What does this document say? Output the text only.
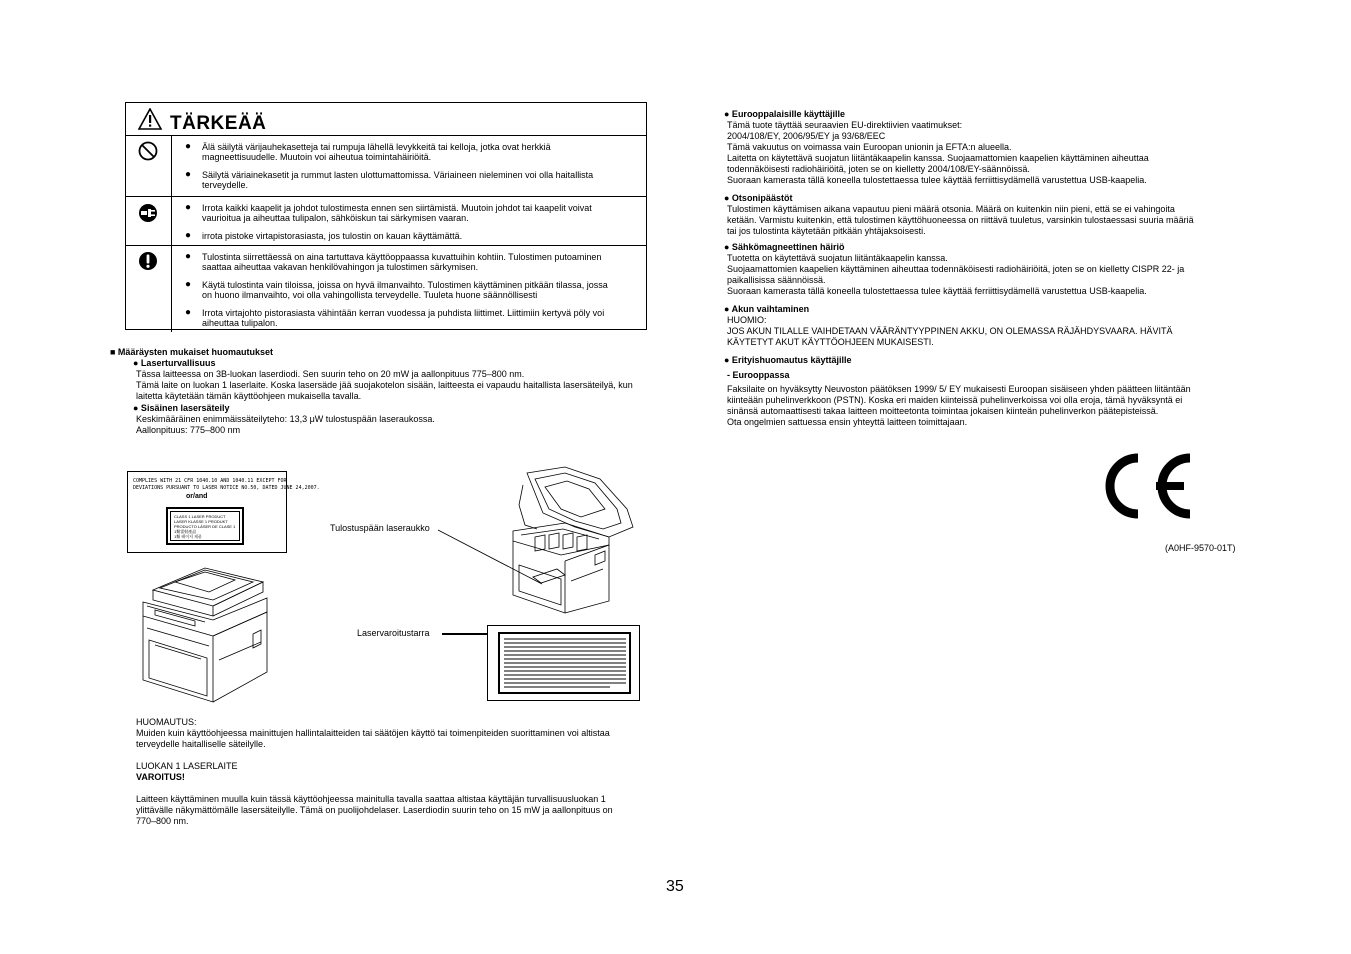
TÄRKEÄÄ
● Älä säilytä värijauhekasetteja tai rumpuja lähellä levykkeitä tai kelloja, jotka ovat herkkiä
magneettisuudelle. Muutoin voi aiheutua toimintahäiriöitä.
● Säilytä väriainekasetit ja rummut lasten ulottumattomissa. Väriaineen nieleminen voi olla haitallista
terveydelle.
● Irrota kaikki kaapelit ja johdot tulostimesta ennen sen siirtämistä. Muutoin johdot tai kaapelit voivat
vaurioitua ja aiheuttaa tulipalon, sähköiskun tai särkymisen vaaran.
● irrota pistoke virtapistorasiasta, jos tulostin on kauan käyttämättä.
● Tulostinta siirrettäessä on aina tartuttava käyttöoppaassa kuvattuihin kohtiin. Tulostimen putoaminen
saattaa aiheuttaa vakavan henkilövahingon ja tulostimen särkymisen.
● Käytä tulostinta vain tiloissa, joissa on hyvä ilmanvaihto. Tulostimen käyttäminen pitkään tilassa, jossa
on huono ilmanvaihto, voi olla vahingollista terveydelle. Tuuleta huone säännöllisesti
● Irrota virtajohto pistorasiasta vähintään kerran vuodessa ja puhdista liittimet. Liittimiin kertyvä pöly voi
aiheuttaa tulipalon.
■ Määräysten mukaiset huomautukset
● Laserturvallisuus
Tässa laitteessa on 3B-luokan laserdiodi. Sen suurin teho on 20 mW ja aallonpituus 775–800 nm.
Tämä laite on luokan 1 laserlaite. Koska lasersäde jää suojakotelon sisään, laitteesta ei vapaudu haitallista lasersäteilyä, kun
laitetta käytetään tämän käyttöohjeen mukaisella tavalla.
● Sisäinen lasersäteily
Keskimääräinen enimmäissäteilyteho: 13,3 μW tulostuspään laseraukossa.
Aallonpituus: 775–800 nm
COMPLIES WITH 21 CFR 1040.10 AND 1040.11 EXCEPT FOR
DEVIATIONS PURSUANT TO LASER NOTICE NO.50, DATED JUNE 24,2007.
or/and
CLASS 1 LASER PRODUCT
LASER KLASSE 1 PRODUKT
PRODUCTO LÁSER DE CLASE 1
1類雷射產品
1類 레이저 제품
Tulostuspään laseraukko
Laservaroitustarra
HUOMAUTUS:
Muiden kuin käyttöohjeessa mainittujen hallintalaitteiden tai säätöjen käyttö tai toimenpiteiden suorittaminen voi altistaa
terveydelle haitalliselle säteilylle.
LUOKAN 1 LASERLAITE
VAROITUS!
Laitteen käyttäminen muulla kuin tässä käyttöohjeessa mainitulla tavalla saattaa altistaa käyttäjän turvallisuusluokan 1
ylittävälle näkymättömälle lasersäteilylle. Tämä on puolijohdelaser. Laserdiodin suurin teho on 15 mW ja aallonpituus on
770–800 nm.
● Eurooppalaisille käyttäjille
Tämä tuote täyttää seuraavien EU-direktiivien vaatimukset:
2004/108/EY, 2006/95/EY ja 93/68/EEC
Tämä vakuutus on voimassa vain Euroopan unionin ja EFTA:n alueella.
Laitetta on käytettävä suojatun liitäntäkaapelin kanssa. Suojaamattomien kaapelien käyttäminen aiheuttaa
todennäköisesti radiohäiriöitä, joten se on kielletty 2004/108/EY-säännöissä.
Suoraan kamerasta tällä koneella tulostettaessa tulee käyttää ferriittisydämellä varustettua USB-kaapelia.
● Otsonipäästöt
Tulostimen käyttämisen aikana vapautuu pieni määrä otsonia. Määrä on kuitenkin niin pieni, että se ei vahingoita
ketään. Varmistu kuitenkin, että tulostimen käyttöhuoneessa on riittävä tuuletus, varsinkin tulostaessasi suuria määriä
tai jos tulostinta käytetään pitkään yhtäjaksoisesti.
● Sähkömagneettinen häiriö
Tuotetta on käytettävä suojatun liitäntäkaapelin kanssa.
Suojaamattomien kaapelien käyttäminen aiheuttaa todennäköisesti radiohäiriöitä, joten se on kielletty CISPR 22- ja
paikallisissa säännöissä.
Suoraan kamerasta tällä koneella tulostettaessa tulee käyttää ferriittisydämellä varustettua USB-kaapelia.
● Akun vaihtaminen
HUOMIO:
JOS AKUN TILALLE VAIHDETAAN VÄÄRÄNTYYPPINEN AKKU, ON OLEMASSA RÄJÄHDYSVAARA. HÄVITÄ
KÄYTETYT AKUT KÄYTTÖOHJEEN MUKAISESTI.
● Erityishuomautus käyttäjille
- Eurooppassa
Faksilaite on hyväksytty Neuvoston päätöksen 1999/ 5/ EY mukaisesti Euroopan sisäiseen yhden päätteen liitäntään
kiinteään puhelinverkkoon (PSTN). Koska eri maiden kiinteissä puhelinverkoissa voi olla eroja, tämä hyväksyntä ei
sinänsä automaattisesti takaa laitteen moitteetonta toimintaa jokaisen kiinteän puhelinverkon päätepisteissä.
Ota ongelmien sattuessa ensin yhteyttä laitteen toimittajaan.
(A0HF-9570-01T)
35
